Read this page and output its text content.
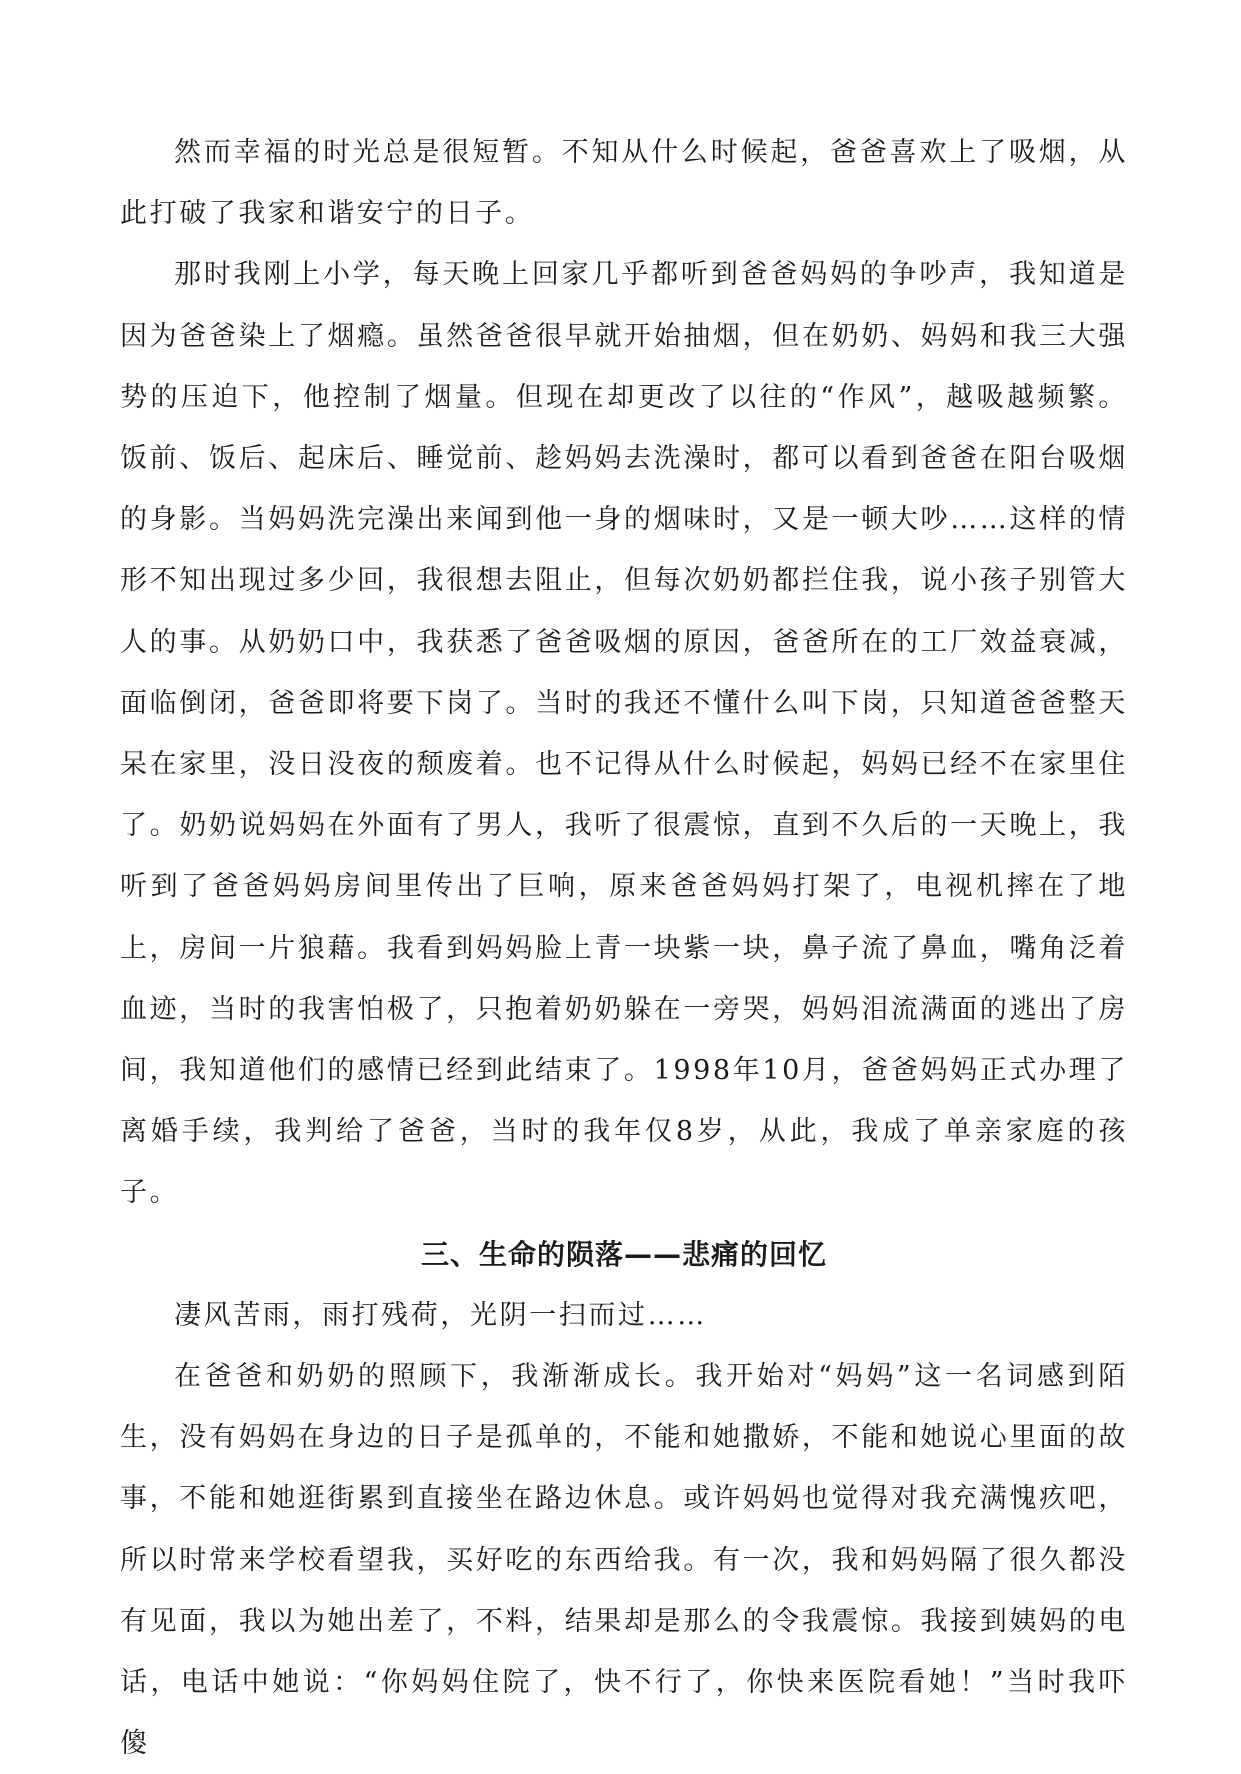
然而幸福的时光总是很短暂。不知从什么时候起，爸爸喜欢上了吸烟，从此打破了我家和谐安宁的日子。

那时我刚上小学，每天晚上回家几乎都听到爸爸妈妈的争吵声，我知道是因为爸爸染上了烟瘾。虽然爸爸很早就开始抽烟，但在奶奶、妈妈和我三大强势的压迫下，他控制了烟量。但现在却更改了以往的“作风”，越吸越频繁。饭前、饭后、起床后、睡觉前、趁妈妈去洗澡时，都可以看到爸爸在阳台吸烟的身影。当妈妈洗完澡出来闻到他一身的烟味时，又是一顿大吵……这样的情形不知出现过多少回，我很想去阻止，但每次奶奶都拦住我，说小孩子别管大人的事。从奶奶口中，我获悉了爸爸吸烟的原因，爸爸所在的工厂效益衰减，面临倒闭，爸爸即将要下岗了。当时的我还不懂什么叫下岗，只知道爸爸整天呆在家里，没日没夜的颓废着。也不记得从什么时候起，妈妈已经不在家里住了。奶奶说妈妈在外面有了男人，我听了很震惊，直到不久后的一天晚上，我听到了爸爸妈妈房间里传出了巨响，原来爸爸妈妈打架了，电视机摔在了地上，房间一片狼藉。我看到妈妈脸上青一块紫一块，鼻子流了鼻血，嘴角泛着血迹，当时的我害怕极了，只抱着奶奶躲在一旁哭，妈妈泪流满面的逃出了房间，我知道他们的感情已经到此结束了。1998年10月，爸爸妈妈正式办理了离婚手续，我判给了爸爸，当时的我年仅8岁，从此，我成了单亲家庭的孩子。

三、生命的陨落——悲痛的回忆

凄风苦雨，雨打残荷，光阴一扫而过……

在爸爸和奶奶的照顾下，我渐渐成长。我开始对“妈妈”这一名词感到陌生，没有妈妈在身边的日子是孤单的，不能和她撒娇，不能和她说心里面的故事，不能和她逛街累到直接坐在路边休息。或许妈妈也觉得对我充满愧疚吧，所以时常来学校看望我，买好吃的东西给我。有一次，我和妈妈隔了很久都没有见面，我以为她出差了，不料，结果却是那么的令我震惊。我接到姨妈的电话，电话中她说：“你妈妈住院了，快不行了，你快来医院看她！”当时我吓傻
